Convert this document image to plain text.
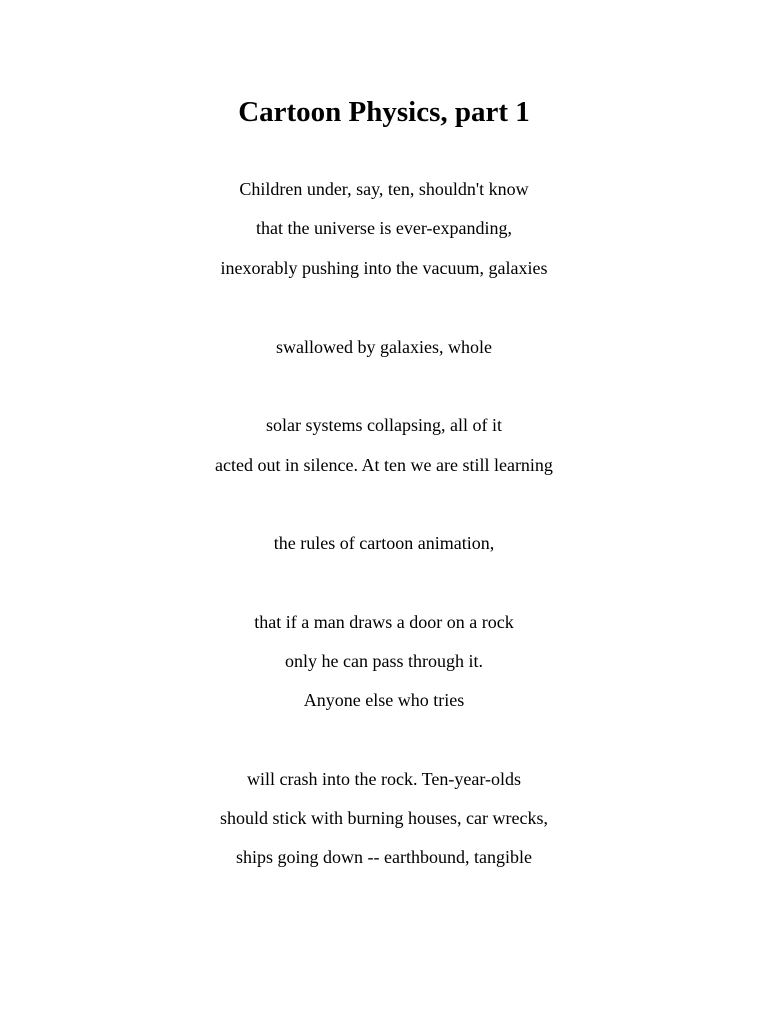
Cartoon Physics, part 1

Children under, say, ten, shouldn't know

that the universe is ever-expanding,

inexorably pushing into the vacuum, galaxies

swallowed by galaxies, whole

solar systems collapsing, all of it

acted out in silence. At ten we are still learning

the rules of cartoon animation,

that if a man draws a door on a rock

only he can pass through it.

Anyone else who tries

will crash into the rock. Ten-year-olds

should stick with burning houses, car wrecks,

ships going down -- earthbound, tangible
